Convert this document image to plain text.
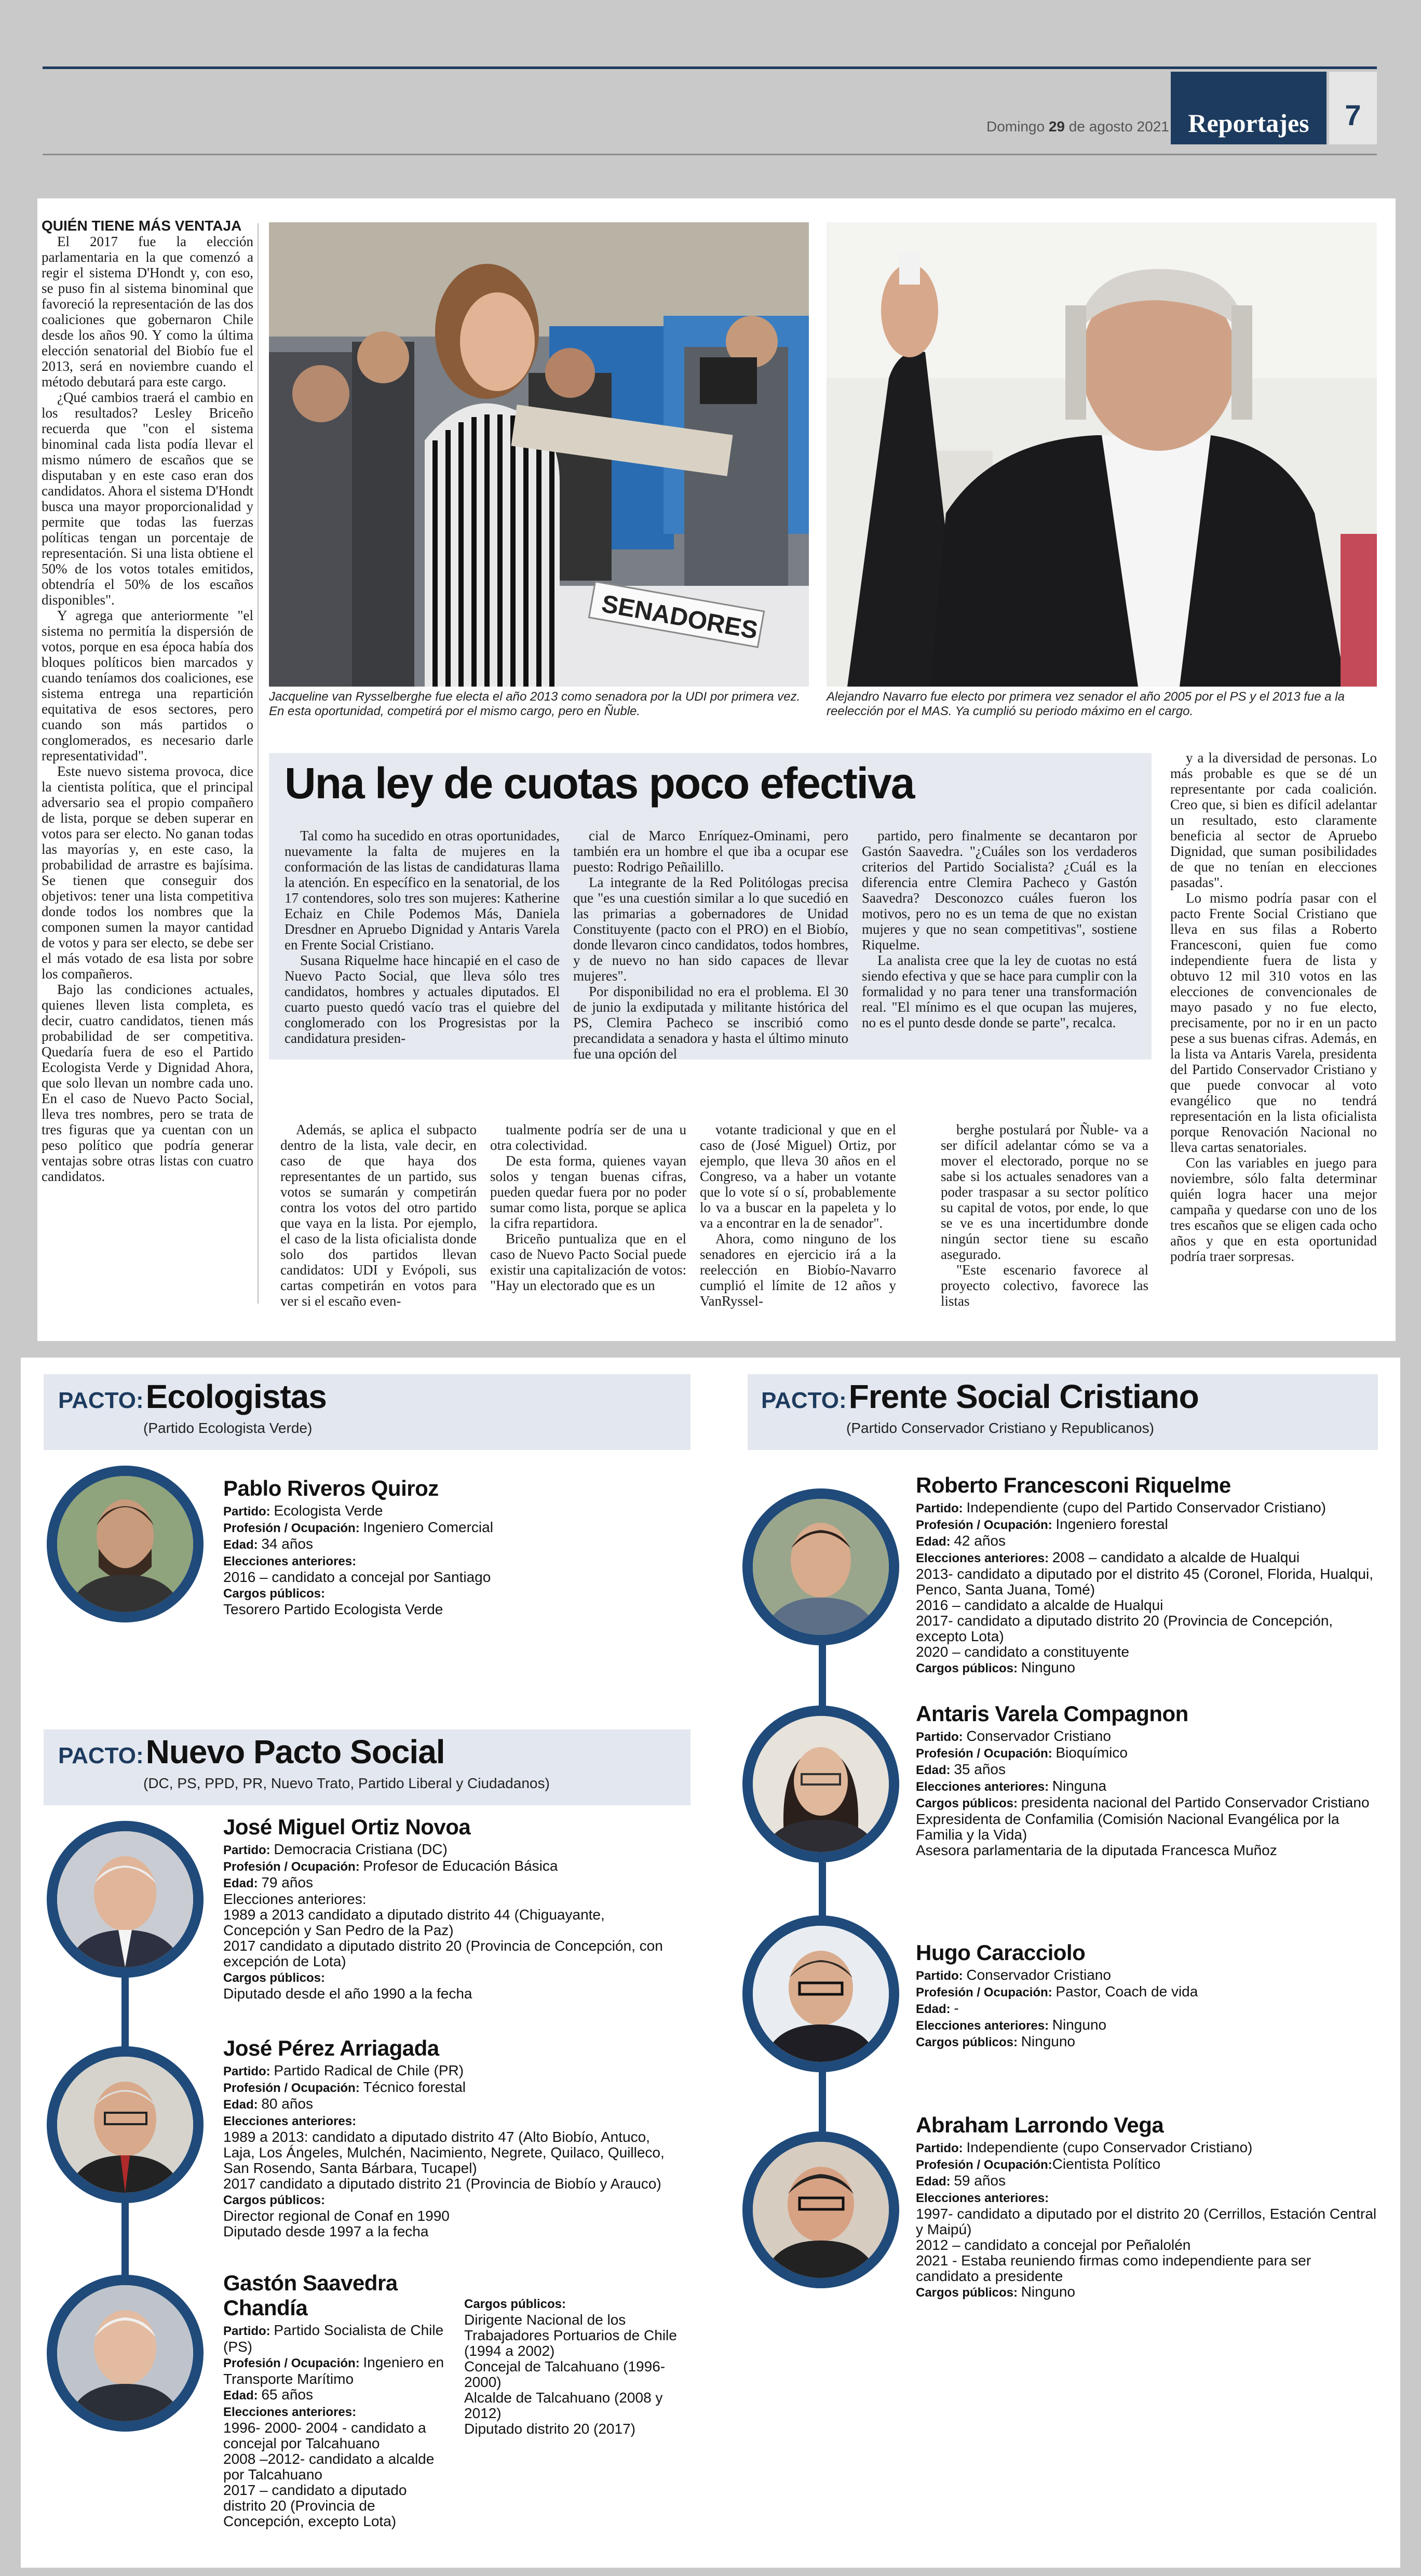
Domingo 29 de agosto 2021 Reportajes	7

QUIÉN TIENE MÁS VENTAJA

El 2017 fue la elección parlamentaria en la que comenzó a regir el sistema D'Hondt y, con eso, se puso fin al sistema binominal que favoreció la representación de las dos coaliciones que gobernaron Chile desde los años 90. Y como la última elección senatorial del Biobío fue el 2013, será en noviembre cuando el método debutará para este cargo.

¿Qué cambios traerá el cambio en los resultados? Lesley Briceño recuerda que "con el sistema binominal cada lista podía llevar el mismo número de escaños que se disputaban y en este caso eran dos candidatos. Ahora el sistema D'Hondt busca una mayor proporcionalidad y permite que todas las fuerzas políticas tengan un porcentaje de representación. Si una lista obtiene el 50% de los votos totales emitidos, obtendría el 50% de los escaños disponibles".

Y agrega que anteriormente "el sistema no permitía la dispersión de votos, porque en esa época había dos bloques políticos bien marcados y cuando teníamos dos coaliciones, ese sistema entrega una repartición equitativa de esos sectores, pero cuando son más partidos o conglomerados, es necesario darle representatividad".

Este nuevo sistema provoca, dice la cientista política, que el principal adversario sea el propio compañero de lista, porque se deben superar en votos para ser electo. No ganan todas las mayorías y, en este caso, la probabilidad de arrastre es bajísima. Se tienen que conseguir dos objetivos: tener una lista competitiva donde todos los nombres que la componen sumen la mayor cantidad de votos y para ser electo, se debe ser el más votado de esa lista por sobre los compañeros.

Bajo las condiciones actuales, quienes lleven lista completa, es decir, cuatro candidatos, tienen más probabilidad de ser competitiva. Quedaría fuera de eso el Partido Ecologista Verde y Dignidad Ahora, que solo llevan un nombre cada uno. En el caso de Nuevo Pacto Social, lleva tres nombres, pero se trata de tres figuras que ya cuentan con un peso político que podría generar ventajas sobre otras listas con cuatro candidatos.

SENADORES
Jacqueline van Rysselberghe fue electa el año 2013 como senadora por la UDI por primera vez. En esta oportunidad, competirá por el mismo cargo, pero en Ñuble.
Alejandro Navarro fue electo por primera vez senador el año 2005 por el PS y el 2013 fue a la reelección por el MAS. Ya cumplió su periodo máximo en el cargo.
Una ley de cuotas poco efectiva

Tal como ha sucedido en otras oportunidades, nuevamente la falta de mujeres en la conformación de las listas de candidaturas llama la atención. En específico en la senatorial, de los 17 contendores, solo tres son mujeres: Katherine Echaiz en Chile Podemos Más, Daniela Dresdner en Apruebo Dignidad y Antaris Varela en Frente Social Cristiano.

Susana Riquelme hace hincapié en el caso de Nuevo Pacto Social, que lleva sólo tres candidatos, hombres y actuales diputados. El cuarto puesto quedó vacío tras el quiebre del conglomerado con los Progresistas por la candidatura presiden-

cial de Marco Enríquez-Ominami, pero también era un hombre el que iba a ocupar ese puesto: Rodrigo Peñailillo.

La integrante de la Red Politólogas precisa que "es una cuestión similar a lo que sucedió en las primarias a gobernadores de Unidad Constituyente (pacto con el PRO) en el Biobío, donde llevaron cinco candidatos, todos hombres, y de nuevo no han sido capaces de llevar mujeres".

Por disponibilidad no era el problema. El 30 de junio la exdiputada y militante histórica del PS, Clemira Pacheco se inscribió como precandidata a senadora y hasta el último minuto fue una opción del

partido, pero finalmente se decantaron por Gastón Saavedra. "¿Cuáles son los verdaderos criterios del Partido Socialista? ¿Cuál es la diferencia entre Clemira Pacheco y Gastón Saavedra? Desconozco cuáles fueron los motivos, pero no es un tema de que no existan mujeres y que no sean competitivas", sostiene Riquelme.

La analista cree que la ley de cuotas no está siendo efectiva y que se hace para cumplir con la formalidad y no para tener una transformación real. "El mínimo es el que ocupan las mujeres, no es el punto desde donde se parte", recalca.

Además, se aplica el subpacto dentro de la lista, vale decir, en caso de que haya dos representantes de un partido, sus votos se sumarán y competirán contra los votos del otro partido que vaya en la lista. Por ejemplo, el caso de la lista oficialista donde solo dos partidos llevan candidatos: UDI y Evópoli, sus cartas competirán en votos para ver si el escaño even-

tualmente podría ser de una u otra colectividad.

De esta forma, quienes vayan solos y tengan buenas cifras, pueden quedar fuera por no poder sumar como lista, porque se aplica la cifra repartidora.

Briceño puntualiza que en el caso de Nuevo Pacto Social puede existir una capitalización de votos: "Hay un electorado que es un

votante tradicional y que en el caso de (José Miguel) Ortiz, por ejemplo, que lleva 30 años en el Congreso, va a haber un votante que lo vote sí o sí, probablemente lo va a buscar en la papeleta y lo va a encontrar en la de senador".

Ahora, como ninguno de los senadores en ejercicio irá a la reelección en Biobío-Navarro cumplió el límite de 12 años y VanRyssel-

berghe postulará por Ñuble- va a ser difícil adelantar cómo se va a mover el electorado, porque no se sabe si los actuales senadores van a poder traspasar a su sector político su capital de votos, por ende, lo que se ve es una incertidumbre donde ningún sector tiene su escaño asegurado.

"Este escenario favorece al proyecto colectivo, favorece las listas

y a la diversidad de personas. Lo más probable es que se dé un representante por cada coalición. Creo que, si bien es difícil adelantar un resultado, esto claramente beneficia al sector de Apruebo Dignidad, que suman posibilidades de que no tenían en elecciones pasadas".

Lo mismo podría pasar con el pacto Frente Social Cristiano que lleva en sus filas a Roberto Francesconi, quien fue como independiente fuera de lista y obtuvo 12 mil 310 votos en las elecciones de convencionales de mayo pasado y no fue electo, precisamente, por no ir en un pacto pese a sus buenas cifras. Además, en la lista va Antaris Varela, presidenta del Partido Conservador Cristiano y que puede convocar al voto evangélico que no tendrá representación en la lista oficialista porque Renovación Nacional no lleva cartas senatoriales.

Con las variables en juego para noviembre, sólo falta determinar quién logra hacer una mejor campaña y quedarse con uno de los tres escaños que se eligen cada ocho años y que en esta oportunidad podría traer sorpresas.

PACTO: Ecologistas
(Partido Ecologista Verde)
PACTO: Frente Social Cristiano
(Partido Conservador Cristiano y Republicanos)
PACTO: Nuevo Pacto Social
(DC, PS, PPD, PR, Nuevo Trato, Partido Liberal y Ciudadanos)
Pablo Riveros Quiroz
Partido: Ecologista Verde
Profesión / Ocupación: Ingeniero Comercial
Edad: 34 años
Elecciones anteriores:
2016 – candidato a concejal por Santiago
Cargos públicos:
Tesorero Partido Ecologista Verde
José Miguel Ortiz Novoa
Partido: Democracia Cristiana (DC)
Profesión / Ocupación: Profesor de Educación Básica
Edad: 79 años
Elecciones anteriores:
1989 a 2013 candidato a diputado distrito 44 (Chiguayante, Concepción y San Pedro de la Paz)
2017 candidato a diputado distrito 20 (Provincia de Concepción, con excepción de Lota)
Cargos públicos:
Diputado desde el año 1990 a la fecha
José Pérez Arriagada
Partido: Partido Radical de Chile (PR)
Profesión / Ocupación: Técnico forestal
Edad: 80 años
Elecciones anteriores:
1989 a 2013: candidato a diputado distrito 47 (Alto Biobío, Antuco, Laja, Los Ángeles, Mulchén, Nacimiento, Negrete, Quilaco, Quilleco, San Rosendo, Santa Bárbara, Tucapel)
2017 candidato a diputado distrito 21 (Provincia de Biobío y Arauco)
Cargos públicos:
Director regional de Conaf en 1990
Diputado desde 1997 a la fecha
Gastón Saavedra Chandía
Partido: Partido Socialista de Chile (PS)
Profesión / Ocupación: Ingeniero en Transporte Marítimo
Edad: 65 años
Elecciones anteriores:
1996- 2000- 2004 - candidato a concejal por Talcahuano
2008 –2012- candidato a alcalde por Talcahuano
2017 – candidato a diputado distrito 20 (Provincia de Concepción, excepto Lota)
Cargos públicos:
Dirigente Nacional de los Trabajadores Portuarios de Chile (1994 a 2002)
Concejal de Talcahuano (1996-2000)
Alcalde de Talcahuano (2008 y 2012)
Diputado distrito 20 (2017)
Roberto Francesconi Riquelme
Partido: Independiente (cupo del Partido Conservador Cristiano)
Profesión / Ocupación: Ingeniero forestal
Edad: 42 años
Elecciones anteriores: 2008 – candidato a alcalde de Hualqui
2013- candidato a diputado por el distrito 45 (Coronel, Florida, Hualqui, Penco, Santa Juana, Tomé)
2016 – candidato a alcalde de Hualqui
2017- candidato a diputado distrito 20 (Provincia de Concepción, excepto Lota)
2020 – candidato a constituyente
Cargos públicos: Ninguno
Antaris Varela Compagnon
Partido: Conservador Cristiano
Profesión / Ocupación: Bioquímico
Edad: 35 años
Elecciones anteriores: Ninguna
Cargos públicos: presidenta nacional del Partido Conservador Cristiano
Expresidenta de Confamilia (Comisión Nacional Evangélica por la Familia y la Vida)
Asesora parlamentaria de la diputada Francesca Muñoz
Hugo Caracciolo
Partido: Conservador Cristiano
Profesión / Ocupación: Pastor, Coach de vida
Edad: -
Elecciones anteriores: Ninguno
Cargos públicos: Ninguno
Abraham Larrondo Vega
Partido: Independiente (cupo Conservador Cristiano)
Profesión / Ocupación:Cientista Político
Edad: 59 años
Elecciones anteriores:
1997- candidato a diputado por el distrito 20 (Cerrillos, Estación Central y Maipú)
2012 – candidato a concejal por Peñalolén
2021 - Estaba reuniendo firmas como independiente para ser candidato a presidente
Cargos públicos: Ninguno
